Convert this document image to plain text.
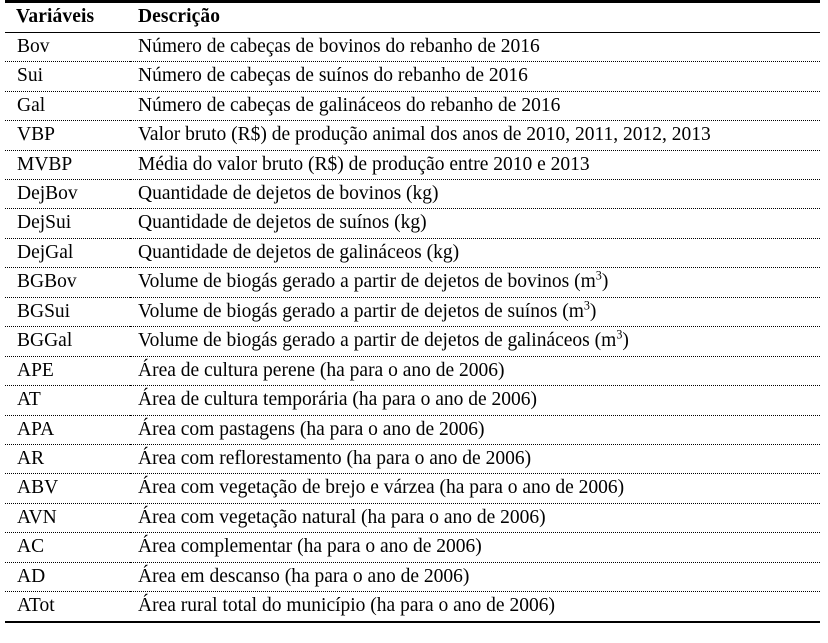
Variáveis	Descrição
Bov	Número de cabeças de bovinos do rebanho de 2016
Sui	Número de cabeças de suínos do rebanho de 2016
Gal	Número de cabeças de galináceos do rebanho de 2016
VBP	Valor bruto (R$) de produção animal dos anos de 2010, 2011, 2012, 2013
MVBP	Média do valor bruto (R$) de produção entre 2010 e 2013
DejBov	Quantidade de dejetos de bovinos (kg)
DejSui	Quantidade de dejetos de suínos (kg)
DejGal	Quantidade de dejetos de galináceos (kg)
BGBov	Volume de biogás gerado a partir de dejetos de bovinos $(m^3)$
BGSui	Volume de biogás gerado a partir de dejetos de suínos $(m^3)$
BGGal	Volume de biogás gerado a partir de dejetos de galináceos $(m^3)$
APE	Área de cultura perene (ha para o ano de 2006)
AT	Área de cultura temporária (ha para o ano de 2006)
APA	Área com pastagens (ha para o ano de 2006)
AR	Área com reflorestamento (ha para o ano de 2006)
ABV	Área com vegetação de brejo e várzea (ha para o ano de 2006)
AVN	Área com vegetação natural (ha para o ano de 2006)
AC	Área complementar (ha para o ano de 2006)
AD	Área em descanso (ha para o ano de 2006)
ATot	Área rural total do município (ha para o ano de 2006)
